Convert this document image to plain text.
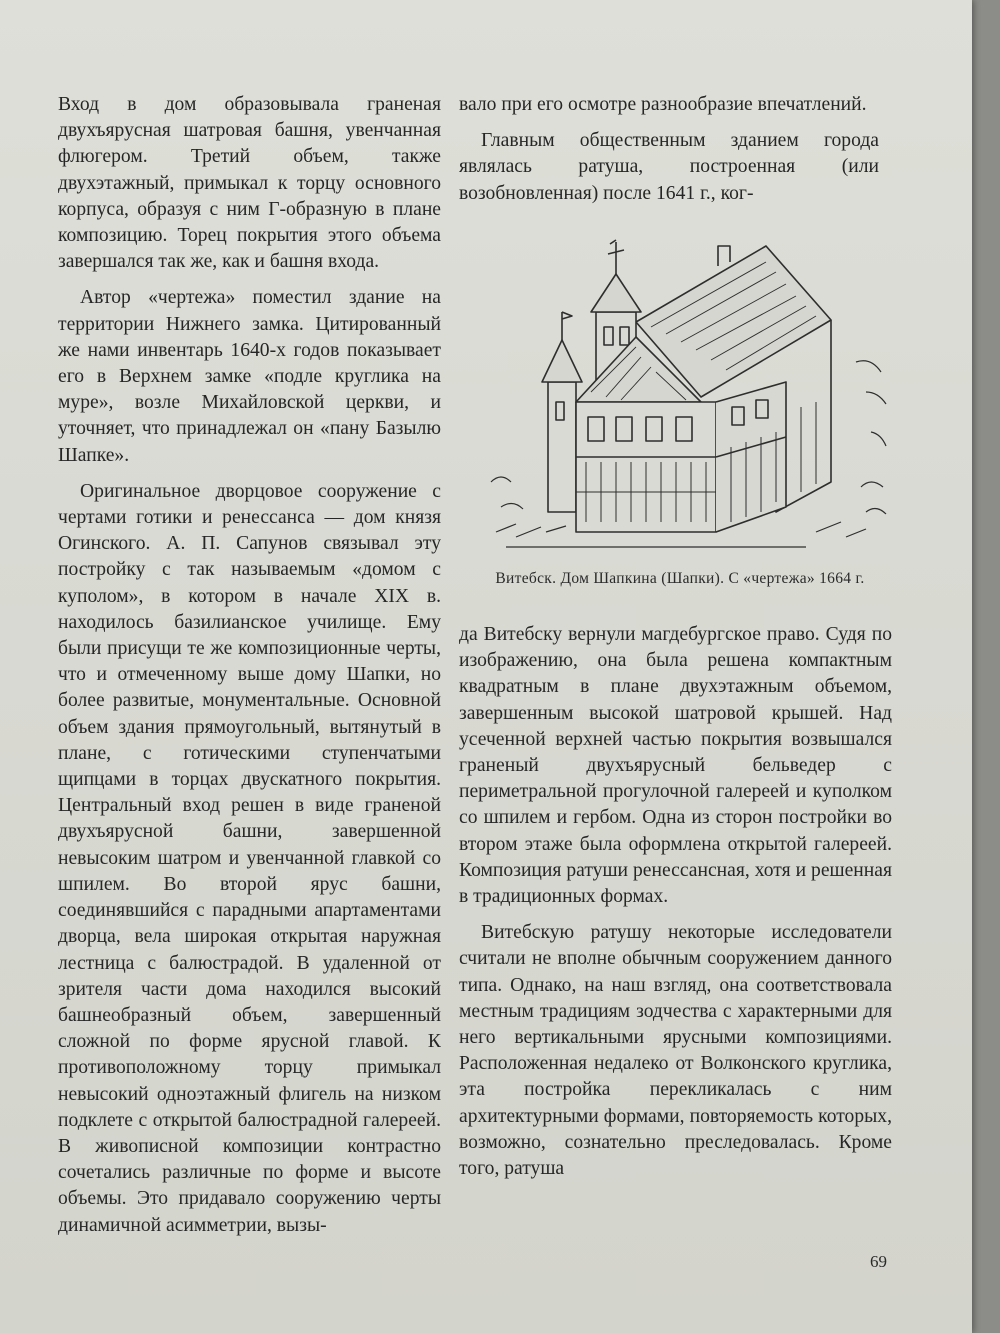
Вход в дом образовывала граненая двухъярусная шатровая башня, увенчанная флюгером. Третий объем, также двухэтажный, примыкал к торцу основного корпуса, образуя с ним Г-образную в плане композицию. Торец покрытия этого объема завершался так же, как и башня входа.

Автор «чертежа» поместил здание на территории Нижнего замка. Цитированный же нами инвентарь 1640-х годов показывает его в Верхнем замке «подле круглика на муре», возле Михайловской церкви, и уточняет, что принадлежал он «пану Базылю Шапке».

Оригинальное дворцовое сооружение с чертами готики и ренессанса — дом князя Огинского. А. П. Сапунов связывал эту постройку с так называемым «домом с куполом», в котором в начале XIX в. находилось базилианское училище. Ему были присущи те же композиционные черты, что и отмеченному выше дому Шапки, но более развитые, монументальные. Основной объем здания прямоугольный, вытянутый в плане, с готическими ступенчатыми щипцами в торцах двускатного покрытия. Центральный вход решен в виде граненой двухъярусной башни, завершенной невысоким шатром и увенчанной главкой со шпилем. Во второй ярус башни, соединявшийся с парадными апартаментами дворца, вела широкая открытая наружная лестница с балюстрадой. В удаленной от зрителя части дома находился высокий башнеобразный объем, завершенный сложной по форме ярусной главой. К противоположному торцу примыкал невысокий одноэтажный флигель на низком подклете с открытой балюстрадной галереей. В живописной композиции контрастно сочетались различные по форме и высоте объемы. Это придавало сооружению черты динамичной асимметрии, вызы-

вало при его осмотре разнообразие впечатлений.

Главным общественным зданием города являлась ратуша, построенная (или возобновленная) после 1641 г., ког-

Витебск. Дом Шапкина (Шапки). С «чертежа» 1664 г.

да Витебску вернули магдебургское право. Судя по изображению, она была решена компактным квадратным в плане двухэтажным объемом, завершенным высокой шатровой крышей. Над усеченной верхней частью покрытия возвышался граненый двухъярусный бельведер с периметральной прогулочной галереей и куполком со шпилем и гербом. Одна из сторон постройки во втором этаже была оформлена открытой галереей. Композиция ратуши ренессансная, хотя и решенная в традиционных формах.

Витебскую ратушу некоторые исследователи считали не вполне обычным сооружением данного типа. Однако, на наш взгляд, она соответствовала местным традициям зодчества с характерными для него вертикальными ярусными композициями. Расположенная недалеко от Волконского круглика, эта постройка перекликалась с ним архитектурными формами, повторяемость которых, возможно, сознательно преследовалась. Кроме того, ратуша

69
